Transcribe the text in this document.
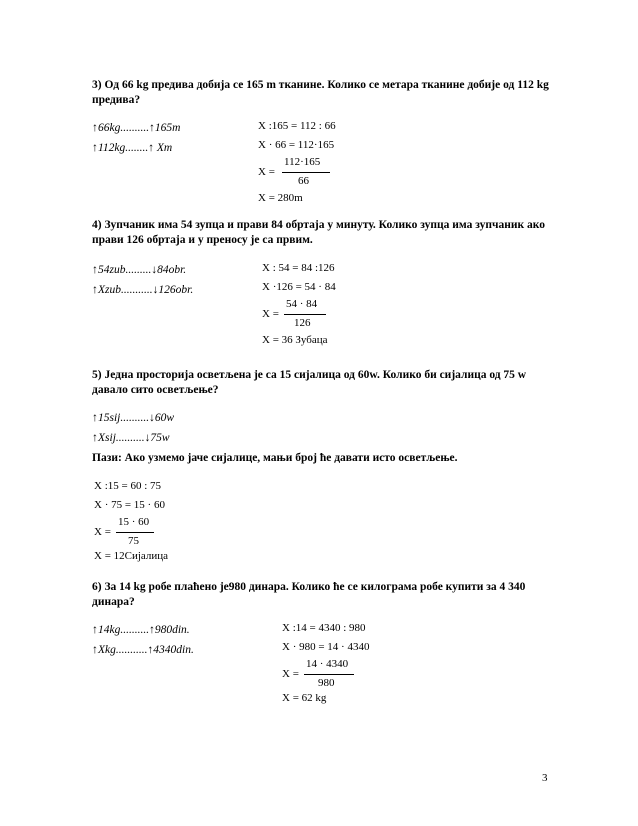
3) Од 66 kg предива добија се 165 m тканине. Колико се метара тканине добије од 112 kg предива?
↑66kg..........↑165m
↑112kg........↑ Xm
X :165 = 112 : 66
X · 66 = 112·165
X =
112·165
66
X = 280m
4) Зупчаник има 54 зупца и прави 84 обртаја у минуту. Колико зупца има зупчаник ако прави 126 обртаја и у преносу је са првим.
↑54zub.........↓84obr.
↑Xzub...........↓126obr.
X : 54 = 84 :126
X ·126 = 54 · 84
X =
54 · 84
126
X = 36 Зубаца
5) Једна просторија осветљена је са 15 сијалица од 60w. Колико би сијалица од 75 w давало сито осветљење?
↑15sij..........↓60w
↑Xsij..........↓75w
Пази: Ако узмемо јаче сијалице, мањи број ће давати исто осветљење.
X :15 = 60 : 75
X · 75 = 15 · 60
X =
15 · 60
75
X = 12Сијалица
6) За 14 kg робе плаћено је980 динара. Колико ће се килограма робе купити за 4 340 динара?
↑14kg..........↑980din.
↑Xkg...........↑4340din.
X :14 = 4340 : 980
X · 980 = 14 · 4340
X =
14 · 4340
980
X = 62 kg
3
